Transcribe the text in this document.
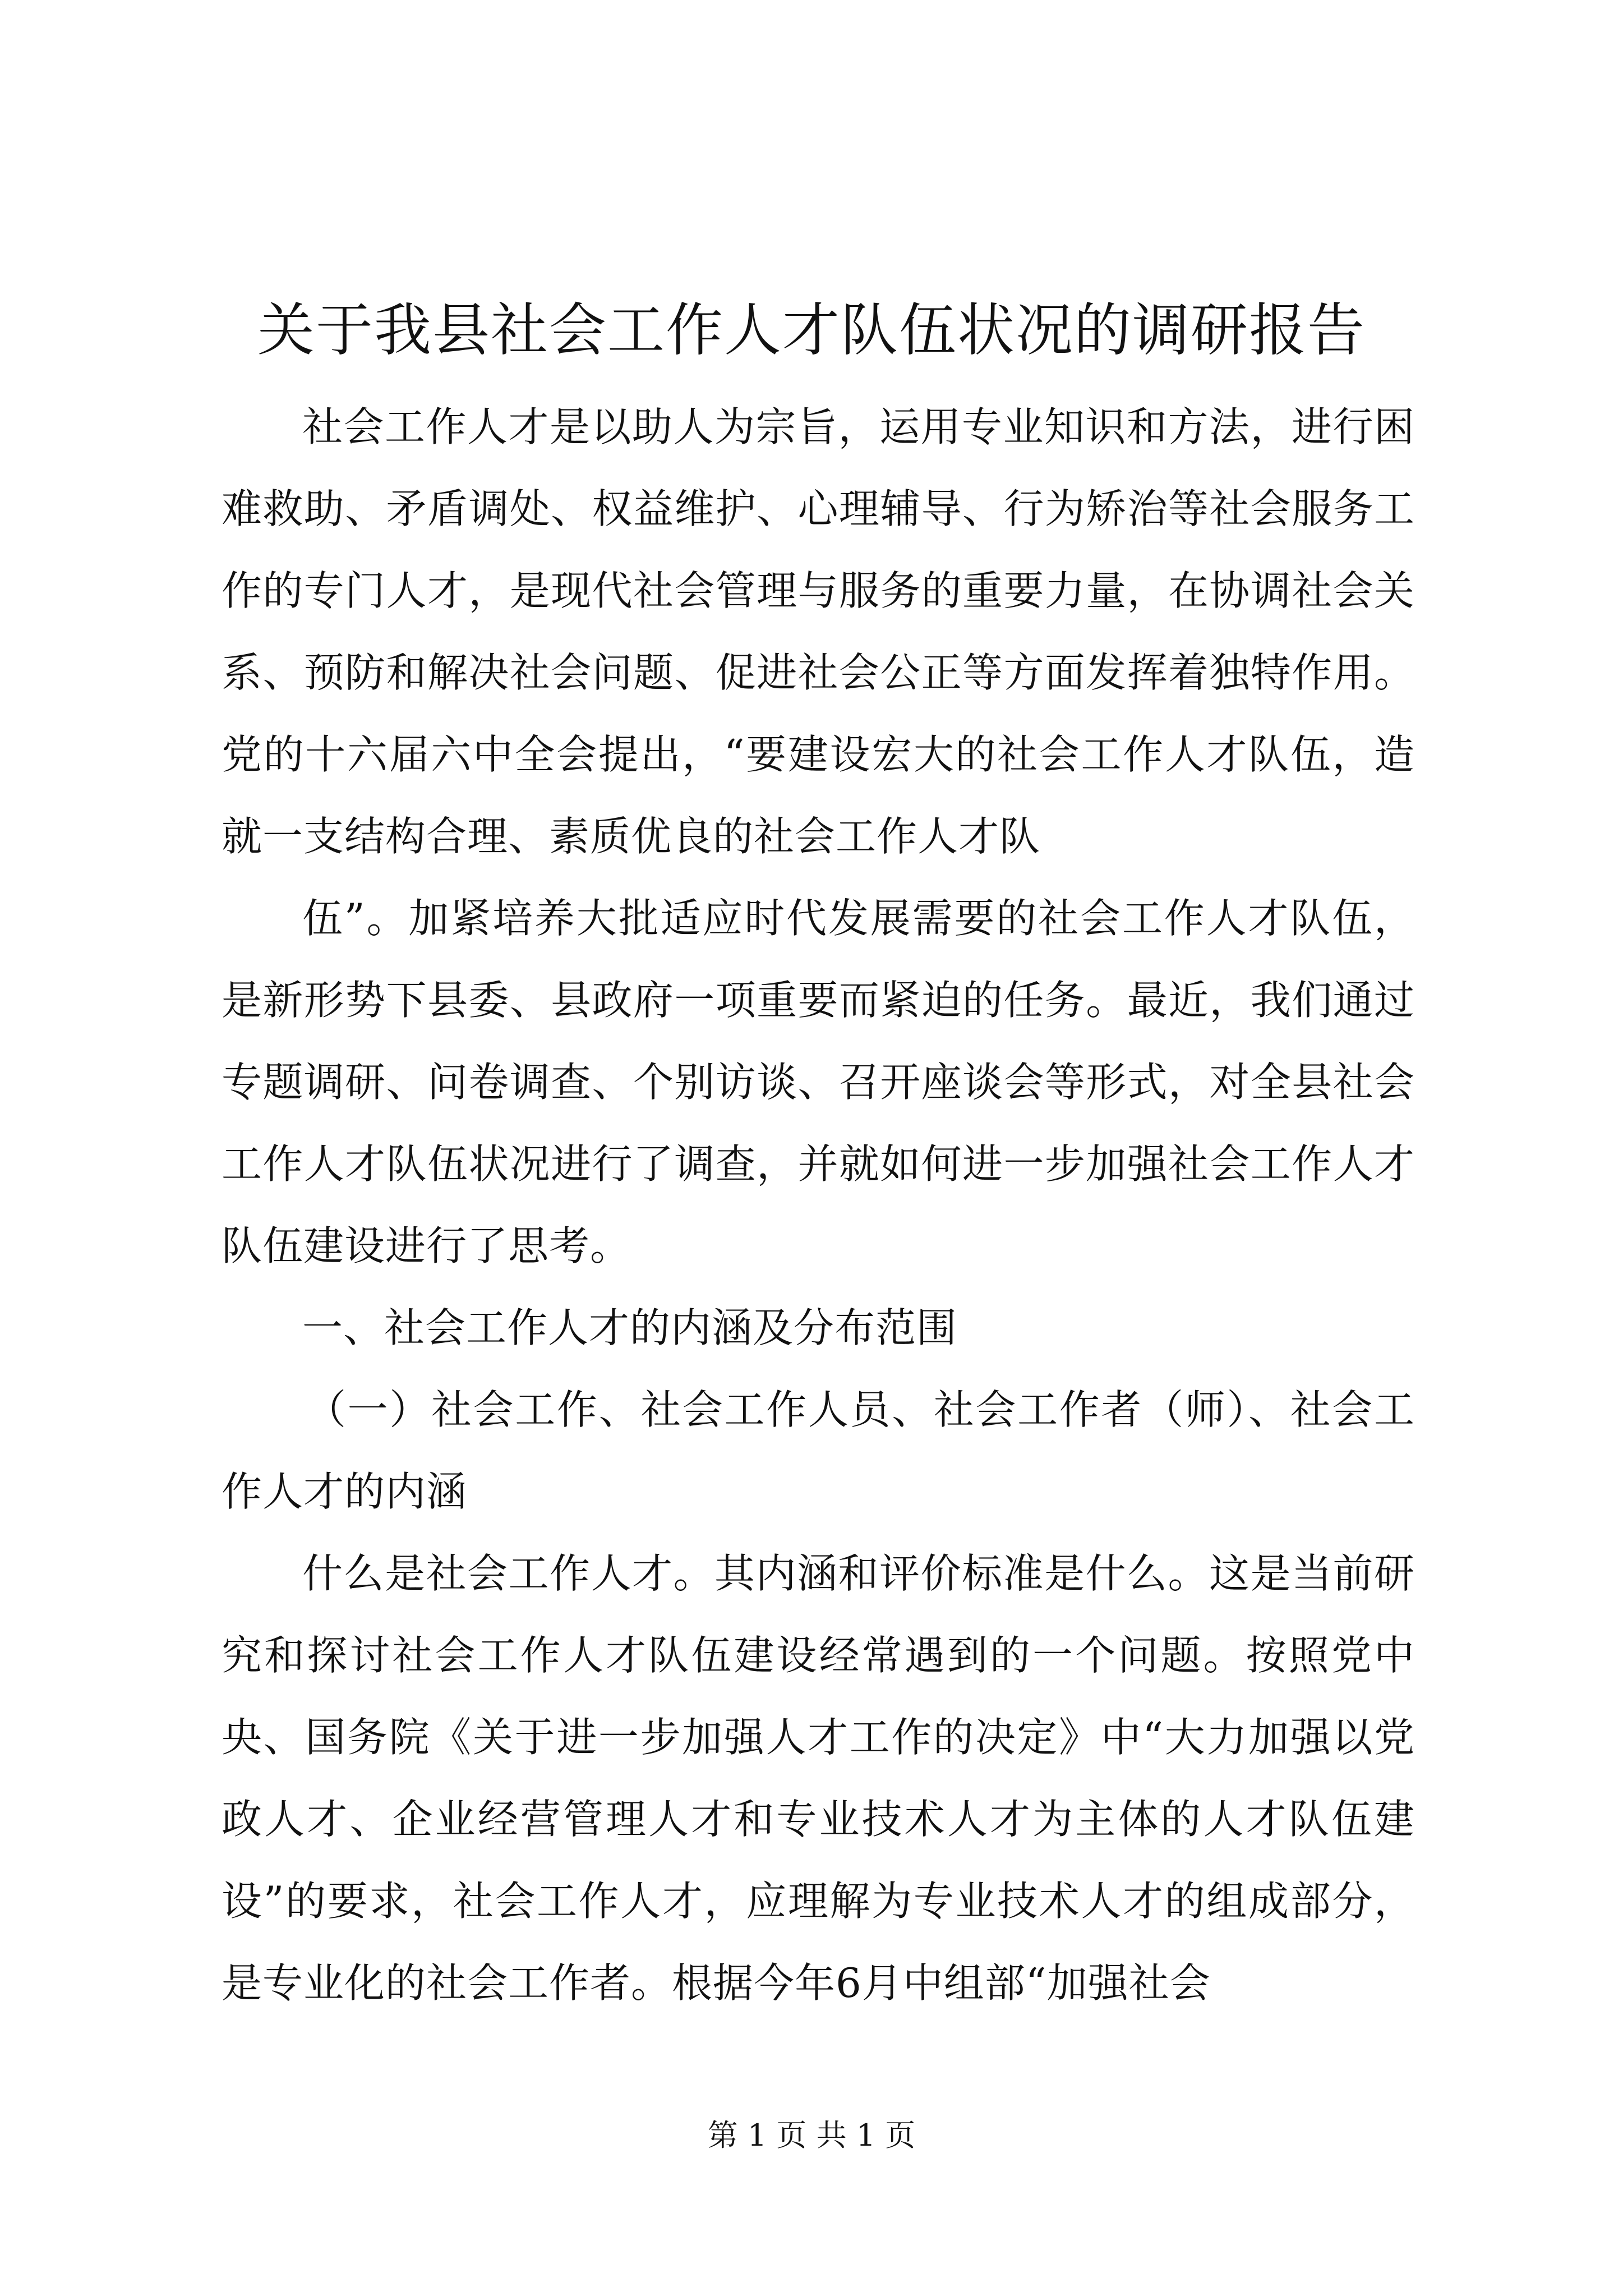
关于我县社会工作人才队伍状况的调研报告

社会工作人才是以助人为宗旨，运用专业知识和方法，进行困难救助、矛盾调处、权益维护、心理辅导、行为矫治等社会服务工作的专门人才，是现代社会管理与服务的重要力量，在协调社会关系、预防和解决社会问题、促进社会公正等方面发挥着独特作用。党的十六届六中全会提出，“要建设宏大的社会工作人才队伍，造就一支结构合理、素质优良的社会工作人才队

伍”。加紧培养大批适应时代发展需要的社会工作人才队伍，是新形势下县委、县政府一项重要而紧迫的任务。最近，我们通过专题调研、问卷调查、个别访谈、召开座谈会等形式，对全县社会工作人才队伍状况进行了调查，并就如何进一步加强社会工作人才队伍建设进行了思考。

一、社会工作人才的内涵及分布范围

（一）社会工作、社会工作人员、社会工作者（师）、社会工作人才的内涵

什么是社会工作人才。其内涵和评价标准是什么。这是当前研究和探讨社会工作人才队伍建设经常遇到的一个问题。按照党中央、国务院《关于进一步加强人才工作的决定》中“大力加强以党政人才、企业经营管理人才和专业技术人才为主体的人才队伍建设”的要求，社会工作人才，应理解为专业技术人才的组成部分，是专业化的社会工作者。根据今年6月中组部“加强社会

第 1 页 共 1 页
